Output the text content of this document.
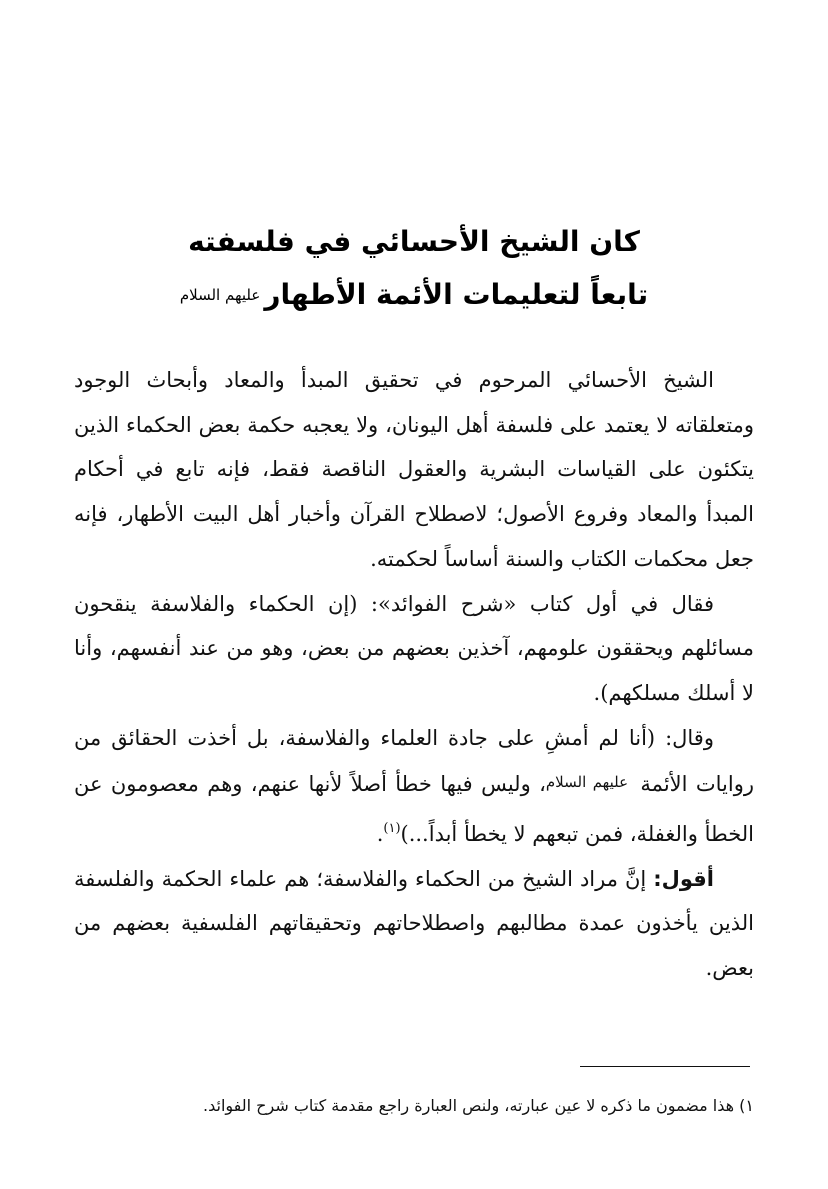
كان الشيخ الأحسائي في فلسفته
تابعاً لتعليمات الأئمة الأطهارعليهم السلام

الشيخ الأحسائي المرحوم في تحقيق المبدأ والمعاد وأبحاث الوجود ومتعلقاته لا يعتمد على فلسفة أهل اليونان، ولا يعجبه حكمة بعض الحكماء الذين يتكئون على القياسات البشرية والعقول الناقصة فقط، فإنه تابع في أحكام المبدأ والمعاد وفروع الأصول؛ لاصطلاح القرآن وأخبار أهل البيت الأطهار، فإنه جعل محكمات الكتاب والسنة أساساً لحكمته.

فقال في أول كتاب «شرح الفوائد»: (إن الحكماء والفلاسفة ينقحون مسائلهم ويحققون علومهم، آخذين بعضهم من بعض، وهو من عند أنفسهم، وأنا لا أسلك مسلكهم).

وقال: (أنا لم أمشِ على جادة العلماء والفلاسفة، بل أخذت الحقائق من روايات الأئمة عليهم السلام، وليس فيها خطأ أصلاً لأنها عنهم، وهم معصومون عن الخطأ والغفلة، فمن تبعهم لا يخطأ أبداً...)$^{(١)}$.

أقول: إنَّ مراد الشيخ من الحكماء والفلاسفة؛ هم علماء الحكمة والفلسفة الذين يأخذون عمدة مطالبهم واصطلاحاتهم وتحقيقاتهم الفلسفية بعضهم من بعض.

١) هذا مضمون ما ذكره لا عين عبارته، ولنص العبارة راجع مقدمة كتاب شرح الفوائد.
